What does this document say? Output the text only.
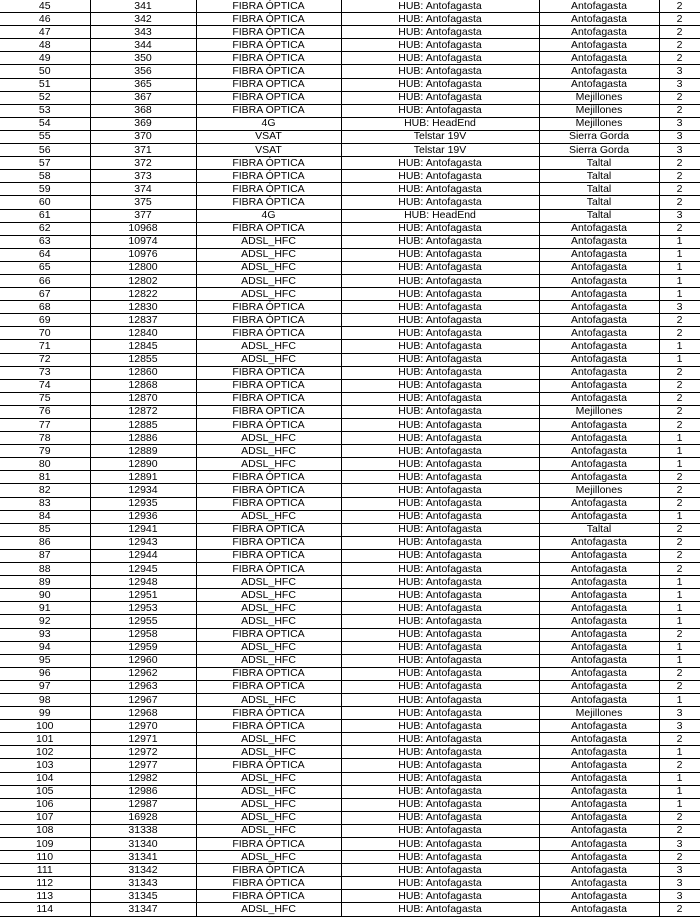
45	341	FIBRA ÓPTICA	HUB: Antofagasta	Antofagasta	2
46	342	FIBRA ÓPTICA	HUB: Antofagasta	Antofagasta	2
47	343	FIBRA ÓPTICA	HUB: Antofagasta	Antofagasta	2
48	344	FIBRA ÓPTICA	HUB: Antofagasta	Antofagasta	2
49	350	FIBRA ÓPTICA	HUB: Antofagasta	Antofagasta	2
50	356	FIBRA ÓPTICA	HUB: Antofagasta	Antofagasta	3
51	365	FIBRA ÓPTICA	HUB: Antofagasta	Antofagasta	3
52	367	FIBRA ÓPTICA	HUB: Antofagasta	Mejillones	2
53	368	FIBRA ÓPTICA	HUB: Antofagasta	Mejillones	2
54	369	4G	HUB: HeadEnd	Mejillones	3
55	370	VSAT	Telstar 19V	Sierra Gorda	3
56	371	VSAT	Telstar 19V	Sierra Gorda	3
57	372	FIBRA ÓPTICA	HUB: Antofagasta	Taltal	2
58	373	FIBRA ÓPTICA	HUB: Antofagasta	Taltal	2
59	374	FIBRA ÓPTICA	HUB: Antofagasta	Taltal	2
60	375	FIBRA ÓPTICA	HUB: Antofagasta	Taltal	2
61	377	4G	HUB: HeadEnd	Taltal	3
62	10968	FIBRA ÓPTICA	HUB: Antofagasta	Antofagasta	2
63	10974	ADSL_HFC	HUB: Antofagasta	Antofagasta	1
64	10976	ADSL_HFC	HUB: Antofagasta	Antofagasta	1
65	12800	ADSL_HFC	HUB: Antofagasta	Antofagasta	1
66	12802	ADSL_HFC	HUB: Antofagasta	Antofagasta	1
67	12822	ADSL_HFC	HUB: Antofagasta	Antofagasta	1
68	12830	FIBRA ÓPTICA	HUB: Antofagasta	Antofagasta	3
69	12837	FIBRA ÓPTICA	HUB: Antofagasta	Antofagasta	2
70	12840	FIBRA ÓPTICA	HUB: Antofagasta	Antofagasta	2
71	12845	ADSL_HFC	HUB: Antofagasta	Antofagasta	1
72	12855	ADSL_HFC	HUB: Antofagasta	Antofagasta	1
73	12860	FIBRA ÓPTICA	HUB: Antofagasta	Antofagasta	2
74	12868	FIBRA ÓPTICA	HUB: Antofagasta	Antofagasta	2
75	12870	FIBRA ÓPTICA	HUB: Antofagasta	Antofagasta	2
76	12872	FIBRA ÓPTICA	HUB: Antofagasta	Mejillones	2
77	12885	FIBRA ÓPTICA	HUB: Antofagasta	Antofagasta	2
78	12886	ADSL_HFC	HUB: Antofagasta	Antofagasta	1
79	12889	ADSL_HFC	HUB: Antofagasta	Antofagasta	1
80	12890	ADSL_HFC	HUB: Antofagasta	Antofagasta	1
81	12891	FIBRA ÓPTICA	HUB: Antofagasta	Antofagasta	2
82	12934	FIBRA ÓPTICA	HUB: Antofagasta	Mejillones	2
83	12935	FIBRA ÓPTICA	HUB: Antofagasta	Antofagasta	2
84	12936	ADSL_HFC	HUB: Antofagasta	Antofagasta	1
85	12941	FIBRA ÓPTICA	HUB: Antofagasta	Taltal	2
86	12943	FIBRA ÓPTICA	HUB: Antofagasta	Antofagasta	2
87	12944	FIBRA ÓPTICA	HUB: Antofagasta	Antofagasta	2
88	12945	FIBRA ÓPTICA	HUB: Antofagasta	Antofagasta	2
89	12948	ADSL_HFC	HUB: Antofagasta	Antofagasta	1
90	12951	ADSL_HFC	HUB: Antofagasta	Antofagasta	1
91	12953	ADSL_HFC	HUB: Antofagasta	Antofagasta	1
92	12955	ADSL_HFC	HUB: Antofagasta	Antofagasta	1
93	12958	FIBRA ÓPTICA	HUB: Antofagasta	Antofagasta	2
94	12959	ADSL_HFC	HUB: Antofagasta	Antofagasta	1
95	12960	ADSL_HFC	HUB: Antofagasta	Antofagasta	1
96	12962	FIBRA ÓPTICA	HUB: Antofagasta	Antofagasta	2
97	12963	FIBRA ÓPTICA	HUB: Antofagasta	Antofagasta	2
98	12967	ADSL_HFC	HUB: Antofagasta	Antofagasta	1
99	12968	FIBRA ÓPTICA	HUB: Antofagasta	Mejillones	3
100	12970	FIBRA ÓPTICA	HUB: Antofagasta	Antofagasta	3
101	12971	ADSL_HFC	HUB: Antofagasta	Antofagasta	2
102	12972	ADSL_HFC	HUB: Antofagasta	Antofagasta	1
103	12977	FIBRA ÓPTICA	HUB: Antofagasta	Antofagasta	2
104	12982	ADSL_HFC	HUB: Antofagasta	Antofagasta	1
105	12986	ADSL_HFC	HUB: Antofagasta	Antofagasta	1
106	12987	ADSL_HFC	HUB: Antofagasta	Antofagasta	1
107	16928	ADSL_HFC	HUB: Antofagasta	Antofagasta	2
108	31338	ADSL_HFC	HUB: Antofagasta	Antofagasta	2
109	31340	FIBRA ÓPTICA	HUB: Antofagasta	Antofagasta	3
110	31341	ADSL_HFC	HUB: Antofagasta	Antofagasta	2
111	31342	FIBRA ÓPTICA	HUB: Antofagasta	Antofagasta	3
112	31343	FIBRA ÓPTICA	HUB: Antofagasta	Antofagasta	3
113	31345	FIBRA ÓPTICA	HUB: Antofagasta	Antofagasta	3
114	31347	ADSL_HFC	HUB: Antofagasta	Antofagasta	2
